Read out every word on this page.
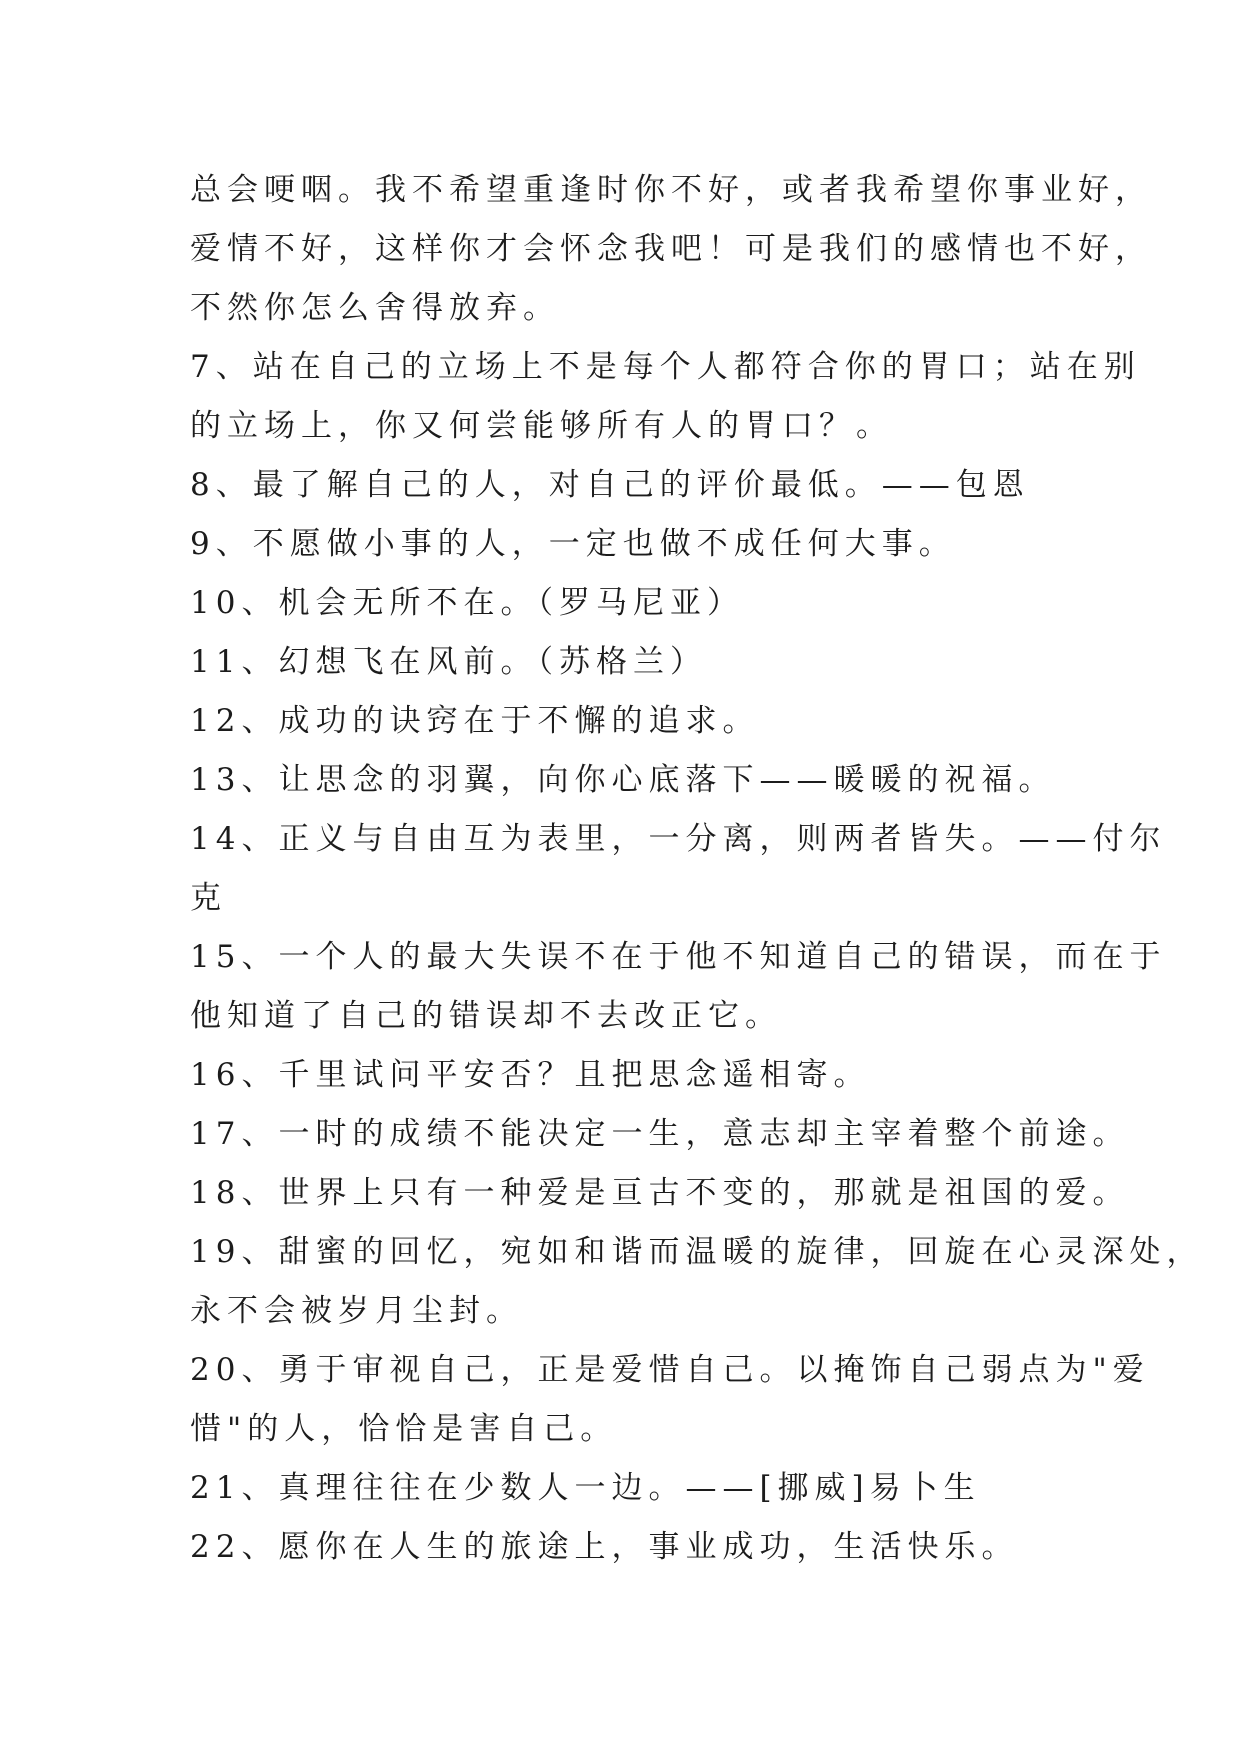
总会哽咽。我不希望重逢时你不好，或者我希望你事业好，
爱情不好，这样你才会怀念我吧！可是我们的感情也不好，
不然你怎么舍得放弃。
7、站在自己的立场上不是每个人都符合你的胃口；站在别
的立场上，你又何尝能够所有人的胃口？。
8、最了解自己的人，对自己的评价最低。——包恩
9、不愿做小事的人，一定也做不成任何大事。
10、机会无所不在。（罗马尼亚）
11、幻想飞在风前。（苏格兰）
12、成功的诀窍在于不懈的追求。
13、让思念的羽翼，向你心底落下——暖暖的祝福。
14、正义与自由互为表里，一分离，则两者皆失。——付尔
克
15、一个人的最大失误不在于他不知道自己的错误，而在于
他知道了自己的错误却不去改正它。
16、千里试问平安否？且把思念遥相寄。
17、一时的成绩不能决定一生，意志却主宰着整个前途。
18、世界上只有一种爱是亘古不变的，那就是祖国的爱。
19、甜蜜的回忆，宛如和谐而温暖的旋律，回旋在心灵深处，
永不会被岁月尘封。
20、勇于审视自己，正是爱惜自己。以掩饰自己弱点为"爱
惜"的人，恰恰是害自己。
21、真理往往在少数人一边。——[挪威]易卜生
22、愿你在人生的旅途上，事业成功，生活快乐。
